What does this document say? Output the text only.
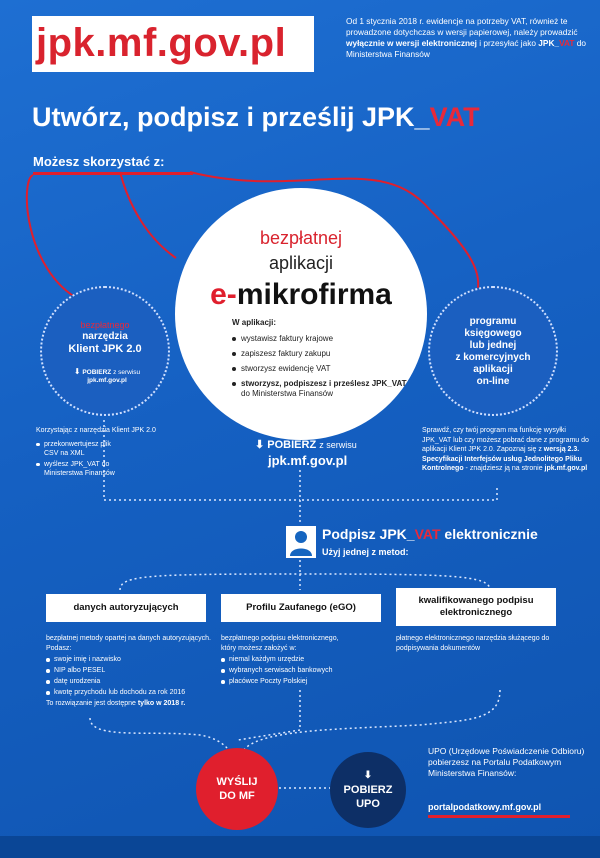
jpk.mf.gov.pl	Od 1 stycznia 2018 r. ewidencje na potrzeby VAT, również te prowadzone dotychczas w wersji papierowej, należy prowadzić wyłącznie w wersji elektronicznej i przesyłać jako JPK_VAT do Ministerstwa Finansów
Utwórz, podpisz i prześlij JPK_VAT
Możesz skorzystać z:
bezpłatnej
aplikacji
e-mikrofirma
W aplikacji:
wystawisz faktury krajowe
zapiszesz faktury zakupu
stworzysz ewidencję VAT
stworzysz, podpiszesz i prześlesz JPK_VAT
do Ministerstwa Finansów
bezpłatnego
narzędzia
Klient JPK 2.0
⬇ POBIERZ z serwisu
jpk.mf.gov.pl
programu
księgowego
lub jednej
z komercyjnych
aplikacji
on-line
Korzystając z narzędzia Klient JPK 2.0
przekonwertujesz plik CSV na XML
wyślesz JPK_VAT do Ministerstwa Finansów
Sprawdź, czy twój program ma funkcję wysyłki JPK_VAT lub czy możesz pobrać dane z programu do aplikacji Klient JPK 2.0. Zapoznaj się z wersją 2.3. Specyfikacji Interfejsów usług Jednolitego Pliku Kontrolnego - znajdziesz ją na stronie jpk.mf.gov.pl
⬇ POBIERZ z serwisu
jpk.mf.gov.pl
Podpisz JPK_VAT elektronicznie
Użyj jednej z metod:
danych autoryzujących	Profilu Zaufanego (eGO)
kwalifikowanego podpisu elektronicznego
bezpłatnej metody opartej na danych autoryzujących. Podasz:
swoje imię i nazwisko
NIP albo PESEL
datę urodzenia
kwotę przychodu lub dochodu za rok 2016
To rozwiązanie jest dostępne tylko w 2018 r.
bezpłatnego podpisu elektronicznego, który możesz założyć w:
niemal każdym urzędzie
wybranych serwisach bankowych
placówce Poczty Polskiej
płatnego elektronicznego narzędzia służącego do podpisywania dokumentów
WYŚLIJ
DO MF
⬇
POBIERZ
UPO
UPO (Urzędowe Poświadczenie Odbioru) pobierzesz na Portalu Podatkowym Ministerstwa Finansów:
portalpodatkowy.mf.gov.pl
